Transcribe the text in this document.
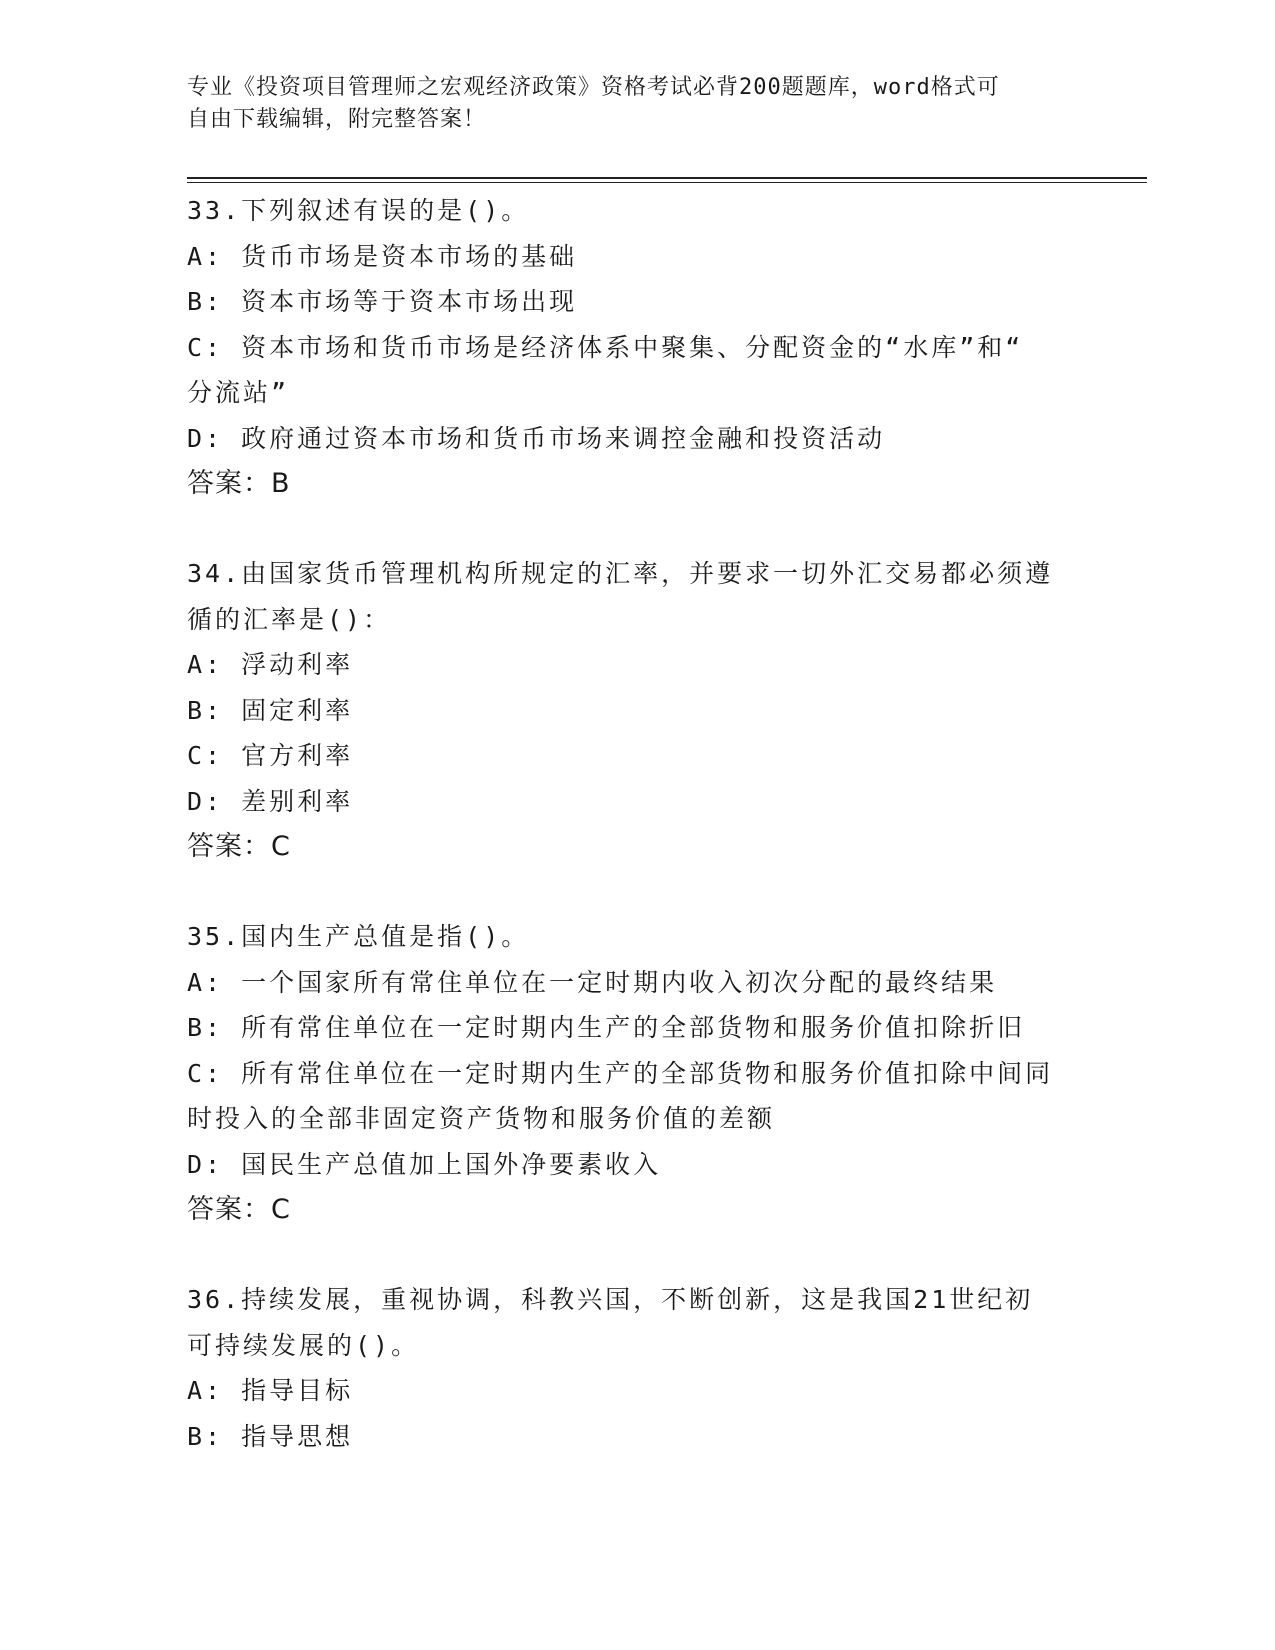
专业《投资项目管理师之宏观经济政策》资格考试必背200题题库，word格式可
自由下载编辑，附完整答案！
33.下列叙述有误的是()。
A: 货币市场是资本市场的基础
B: 资本市场等于资本市场出现
C: 资本市场和货币市场是经济体系中聚集、分配资金的“水库”和“
分流站”
D: 政府通过资本市场和货币市场来调控金融和投资活动
答案：B
34.由国家货币管理机构所规定的汇率，并要求一切外汇交易都必须遵
循的汇率是()：
A: 浮动利率
B: 固定利率
C: 官方利率
D: 差别利率
答案：C
35.国内生产总值是指()。
A: 一个国家所有常住单位在一定时期内收入初次分配的最终结果
B: 所有常住单位在一定时期内生产的全部货物和服务价值扣除折旧
C: 所有常住单位在一定时期内生产的全部货物和服务价值扣除中间同
时投入的全部非固定资产货物和服务价值的差额
D: 国民生产总值加上国外净要素收入
答案：C
36.持续发展，重视协调，科教兴国，不断创新，这是我国21世纪初
可持续发展的()。
A: 指导目标
B: 指导思想
